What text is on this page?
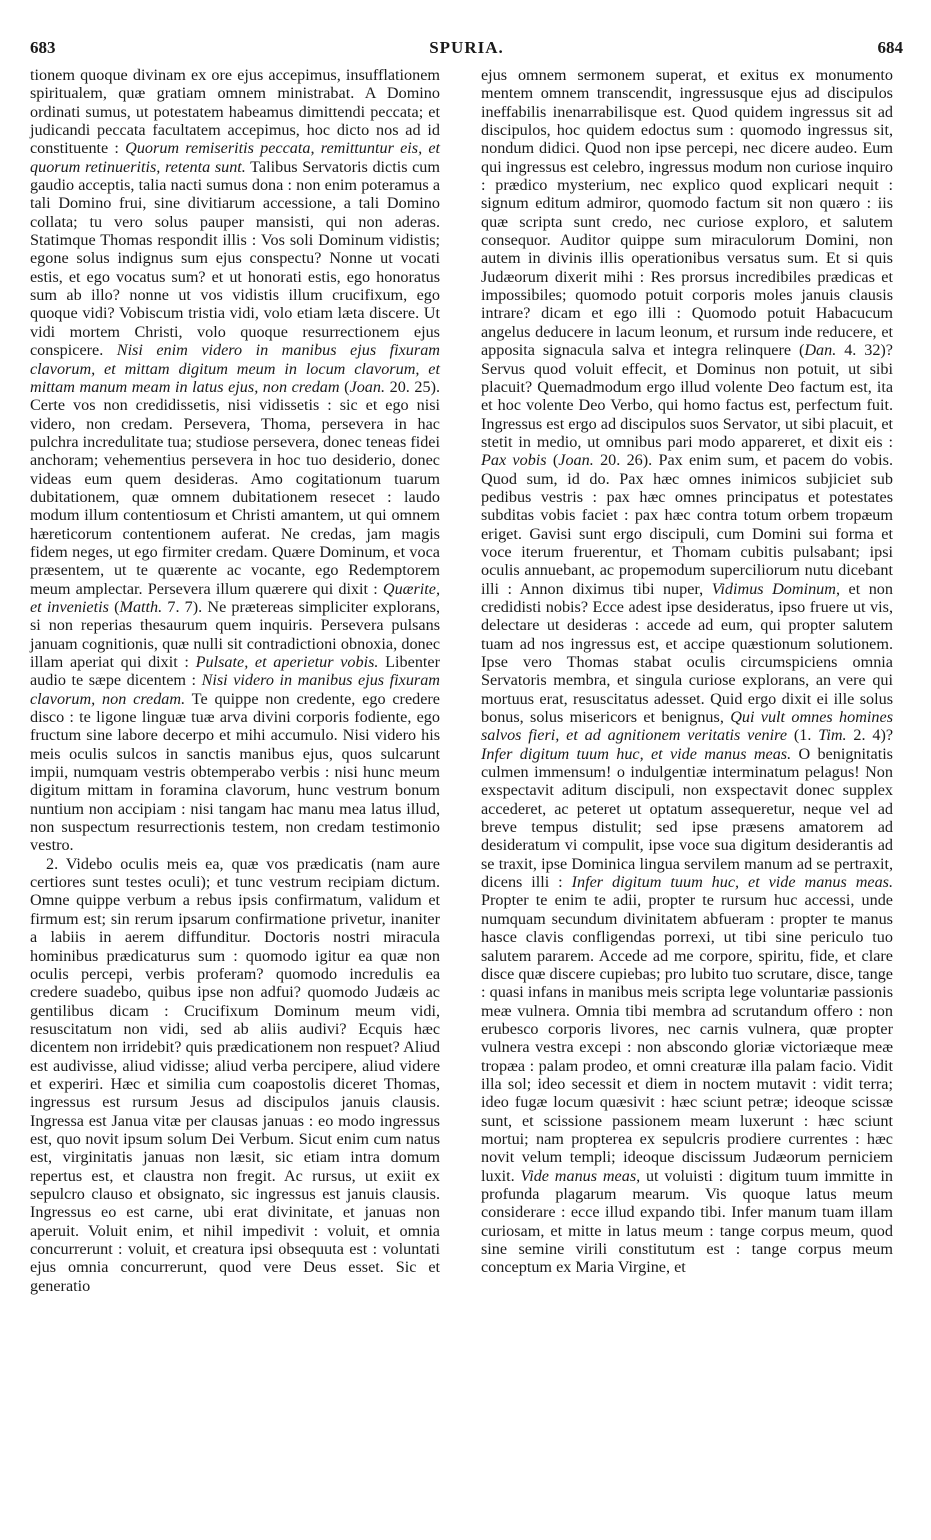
683	SPURIA.	684

tionem quoque divinam ex ore ejus accepimus, insufflationem spiritualem, quæ gratiam omnem ministrabat. A Domino ordinati sumus, ut potestatem habeamus dimittendi peccata; et judicandi peccata facultatem accepimus, hoc dicto nos ad id constituente : Quorum remiseritis peccata, remittuntur eis, et quorum retinueritis, retenta sunt. Talibus Servatoris dictis cum gaudio acceptis, talia nacti sumus dona : non enim poteramus a tali Domino frui, sine divitiarum accessione, a tali Domino collata; tu vero solus pauper mansisti, qui non aderas. Statimque Thomas respondit illis : Vos soli Dominum vidistis; egone solus indignus sum ejus conspectu? Nonne ut vocati estis, et ego vocatus sum? et ut honorati estis, ego honoratus sum ab illo? nonne ut vos vidistis illum crucifixum, ego quoque vidi? Vobiscum tristia vidi, volo etiam læta discere. Ut vidi mortem Christi, volo quoque resurrectionem ejus conspicere. Nisi enim videro in manibus ejus fixuram clavorum, et mittam digitum meum in locum clavorum, et mittam manum meam in latus ejus, non credam (Joan. 20. 25). Certe vos non credidissetis, nisi vidissetis : sic et ego nisi videro, non credam. Persevera, Thoma, persevera in hac pulchra incredulitate tua; studiose persevera, donec teneas fidei anchoram; vehementius persevera in hoc tuo desiderio, donec videas eum quem desideras. Amo cogitationum tuarum dubitationem, quæ omnem dubitationem resecet : laudo modum illum contentiosum et Christi amantem, ut qui omnem hæreticorum contentionem auferat. Ne credas, jam magis fidem neges, ut ego firmiter credam. Quære Dominum, et voca præsentem, ut te quærente ac vocante, ego Redemptorem meum amplectar. Persevera illum quærere qui dixit : Quærite, et invenietis (Matth. 7. 7). Ne prætereas simpliciter explorans, si non reperias thesaurum quem inquiris. Persevera pulsans januam cognitionis, quæ nulli sit contradictioni obnoxia, donec illam aperiat qui dixit : Pulsate, et aperietur vobis. Libenter audio te sæpe dicentem : Nisi videro in manibus ejus fixuram clavorum, non credam. Te quippe non credente, ego credere disco : te ligone linguæ tuæ arva divini corporis fodiente, ego fructum sine labore decerpo et mihi accumulo. Nisi videro his meis oculis sulcos in sanctis manibus ejus, quos sulcarunt impii, numquam vestris obtemperabo verbis : nisi hunc meum digitum mittam in foramina clavorum, hunc vestrum bonum nuntium non accipiam : nisi tangam hac manu mea latus illud, non suspectum resurrectionis testem, non credam testimonio vestro.

2. Videbo oculis meis ea, quæ vos prædicatis (nam aure certiores sunt testes oculi); et tunc vestrum recipiam dictum. Omne quippe verbum a rebus ipsis confirmatum, validum et firmum est; sin rerum ipsarum confirmatione privetur, inaniter a labiis in aerem diffunditur. Doctoris nostri miracula hominibus prædicaturus sum : quomodo igitur ea quæ non oculis percepi, verbis proferam? quomodo incredulis ea credere suadebo, quibus ipse non adfui? quomodo Judæis ac gentilibus dicam : Crucifixum Dominum meum vidi, resuscitatum non vidi, sed ab aliis audivi? Ecquis hæc dicentem non irridebit? quis prædicationem non respuet? Aliud est audivisse, aliud vidisse; aliud verba percipere, aliud videre et experiri. Hæc et similia cum coapostolis diceret Thomas, ingressus est rursum Jesus ad discipulos januis clausis. Ingressa est Janua vitæ per clausas januas : eo modo ingressus est, quo novit ipsum solum Dei Verbum. Sicut enim cum natus est, virginitatis januas non læsit, sic etiam intra domum repertus est, et claustra non fregit. Ac rursus, ut exiit ex sepulcro clauso et obsignato, sic ingressus est januis clausis. Ingressus eo est carne, ubi erat divinitate, et januas non aperuit. Voluit enim, et nihil impedivit : voluit, et omnia concurrerunt : voluit, et creatura ipsi obsequuta est : voluntati ejus omnia concurrerunt, quod vere Deus esset. Sic et generatio

ejus omnem sermonem superat, et exitus ex monumento mentem omnem transcendit, ingressusque ejus ad discipulos ineffabilis inenarrabilisque est. Quod quidem ingressus sit ad discipulos, hoc quidem edoctus sum : quomodo ingressus sit, nondum didici. Quod non ipse percepi, nec dicere audeo. Eum qui ingressus est celebro, ingressus modum non curiose inquiro : prædico mysterium, nec explico quod explicari nequit : signum editum admiror, quomodo factum sit non quæro : iis quæ scripta sunt credo, nec curiose exploro, et salutem consequor. Auditor quippe sum miraculorum Domini, non autem in divinis illis operationibus versatus sum. Et si quis Judæorum dixerit mihi : Res prorsus incredibiles prædicas et impossibiles; quomodo potuit corporis moles januis clausis intrare? dicam et ego illi : Quomodo potuit Habacucum angelus deducere in lacum leonum, et rursum inde reducere, et apposita signacula salva et integra relinquere (Dan. 4. 32)? Servus quod voluit effecit, et Dominus non potuit, ut sibi placuit? Quemadmodum ergo illud volente Deo factum est, ita et hoc volente Deo Verbo, qui homo factus est, perfectum fuit. Ingressus est ergo ad discipulos suos Servator, ut sibi placuit, et stetit in medio, ut omnibus pari modo appareret, et dixit eis : Pax vobis (Joan. 20. 26). Pax enim sum, et pacem do vobis. Quod sum, id do. Pax hæc omnes inimicos subjiciet sub pedibus vestris : pax hæc omnes principatus et potestates subditas vobis faciet : pax hæc contra totum orbem tropæum eriget. Gavisi sunt ergo discipuli, cum Domini sui forma et voce iterum fruerentur, et Thomam cubitis pulsabant; ipsi oculis annuebant, ac propemodum superciliorum nutu dicebant illi : Annon diximus tibi nuper, Vidimus Dominum, et non credidisti nobis? Ecce adest ipse desideratus, ipso fruere ut vis, delectare ut desideras : accede ad eum, qui propter salutem tuam ad nos ingressus est, et accipe quæstionum solutionem. Ipse vero Thomas stabat oculis circumspiciens omnia Servatoris membra, et singula curiose explorans, an vere qui mortuus erat, resuscitatus adesset. Quid ergo dixit ei ille solus bonus, solus misericors et benignus, Qui vult omnes homines salvos fieri, et ad agnitionem veritatis venire (1. Tim. 2. 4)? Infer digitum tuum huc, et vide manus meas. O benignitatis culmen immensum! o indulgentiæ interminatum pelagus! Non exspectavit aditum discipuli, non exspectavit donec supplex accederet, ac peteret ut optatum assequeretur, neque vel ad breve tempus distulit; sed ipse præsens amatorem ad desideratum vi compulit, ipse voce sua digitum desiderantis ad se traxit, ipse Dominica lingua servilem manum ad se pertraxit, dicens illi : Infer digitum tuum huc, et vide manus meas. Propter te enim te adii, propter te rursum huc accessi, unde numquam secundum divinitatem abfueram : propter te manus hasce clavis confligendas porrexi, ut tibi sine periculo tuo salutem pararem. Accede ad me corpore, spiritu, fide, et clare disce quæ discere cupiebas; pro lubito tuo scrutare, disce, tange : quasi infans in manibus meis scripta lege voluntariæ passionis meæ vulnera. Omnia tibi membra ad scrutandum offero : non erubesco corporis livores, nec carnis vulnera, quæ propter vulnera vestra excepi : non abscondo gloriæ victoriæque meæ tropæa : palam prodeo, et omni creaturæ illa palam facio. Vidit illa sol; ideo secessit et diem in noctem mutavit : vidit terra; ideo fugæ locum quæsivit : hæc sciunt petræ; ideoque scissæ sunt, et scissione passionem meam luxerunt : hæc sciunt mortui; nam propterea ex sepulcris prodiere currentes : hæc novit velum templi; ideoque discissum Judæorum perniciem luxit. Vide manus meas, ut voluisti : digitum tuum immitte in profunda plagarum mearum. Vis quoque latus meum considerare : ecce illud expando tibi. Infer manum tuam illam curiosam, et mitte in latus meum : tange corpus meum, quod sine semine virili constitutum est : tange corpus meum conceptum ex Maria Virgine, et
